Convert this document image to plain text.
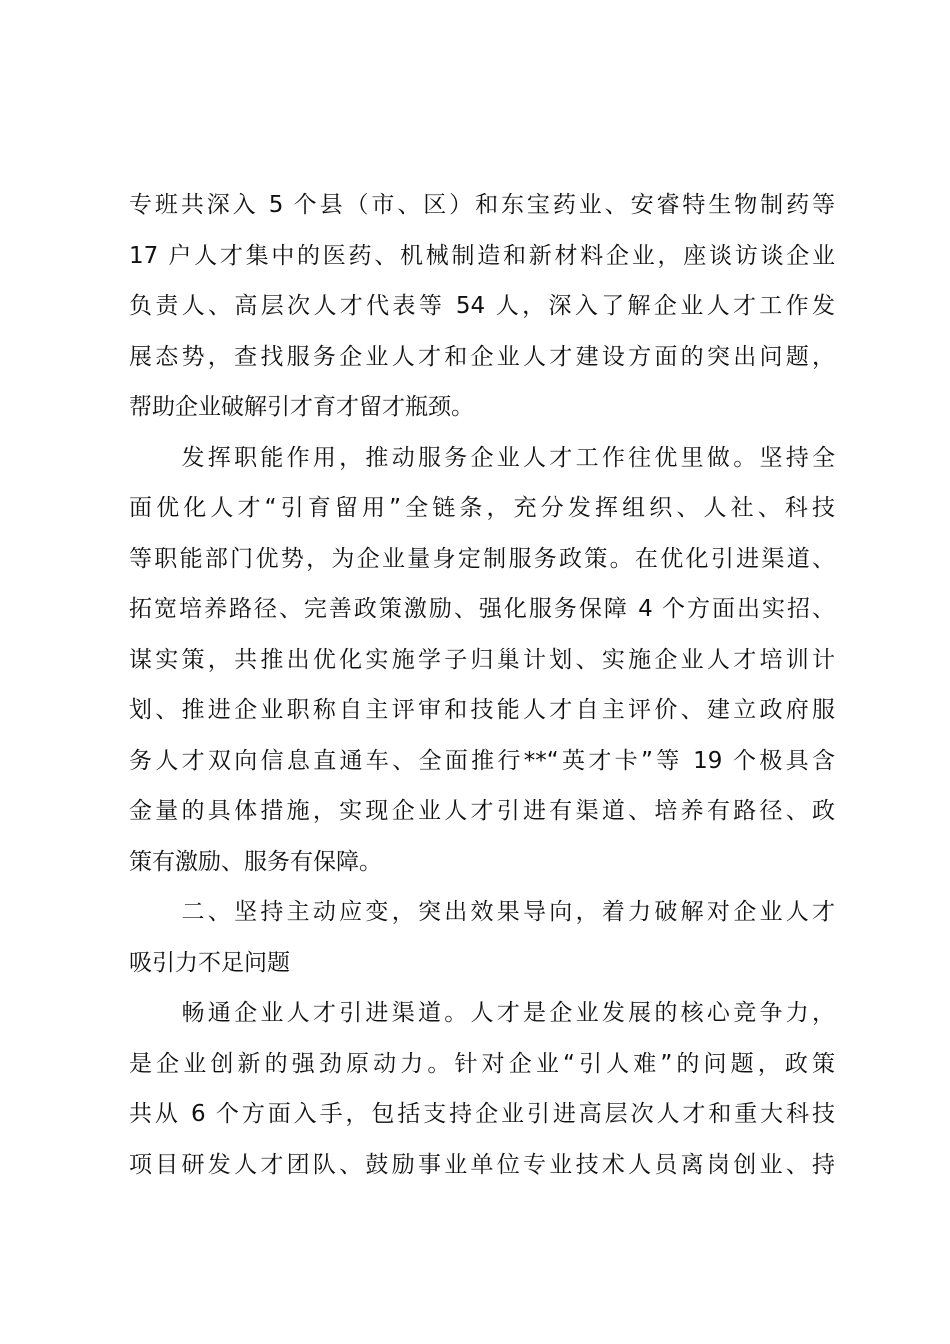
专班共深入 5 个县（市、区）和东宝药业、安睿特生物制药等
17 户人才集中的医药、机械制造和新材料企业，座谈访谈企业
负责人、高层次人才代表等 54 人，深入了解企业人才工作发
展态势，查找服务企业人才和企业人才建设方面的突出问题，
帮助企业破解引才育才留才瓶颈。
　　发挥职能作用，推动服务企业人才工作往优里做。坚持全
面优化人才“引育留用”全链条，充分发挥组织、人社、科技
等职能部门优势，为企业量身定制服务政策。在优化引进渠道、
拓宽培养路径、完善政策激励、强化服务保障 4 个方面出实招、
谋实策，共推出优化实施学子归巢计划、实施企业人才培训计
划、推进企业职称自主评审和技能人才自主评价、建立政府服
务人才双向信息直通车、全面推行**“英才卡”等 19 个极具含
金量的具体措施，实现企业人才引进有渠道、培养有路径、政
策有激励、服务有保障。
　　二、坚持主动应变，突出效果导向，着力破解对企业人才
吸引力不足问题
　　畅通企业人才引进渠道。人才是企业发展的核心竞争力，
是企业创新的强劲原动力。针对企业“引人难”的问题，政策
共从 6 个方面入手，包括支持企业引进高层次人才和重大科技
项目研发人才团队、鼓励事业单位专业技术人员离岗创业、持
